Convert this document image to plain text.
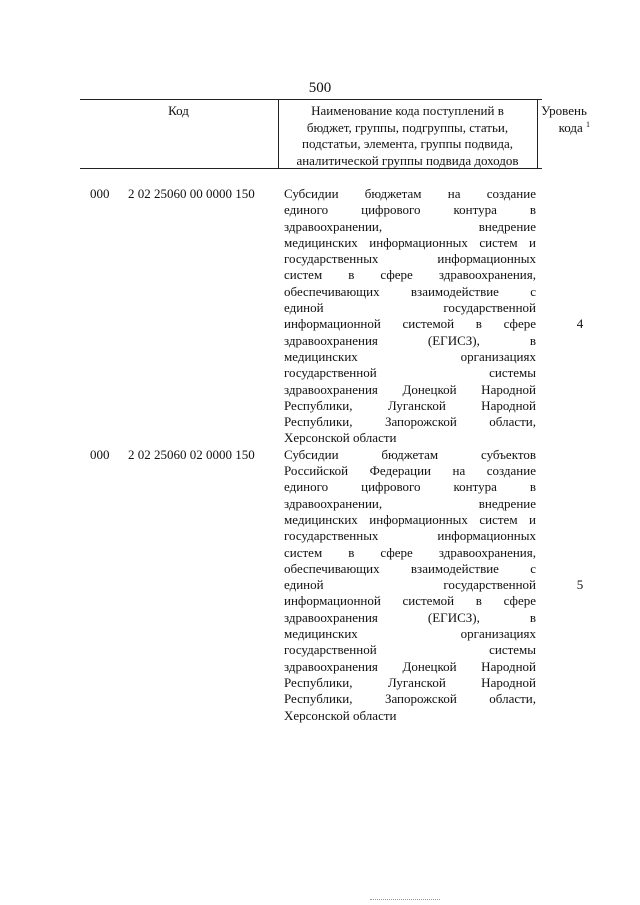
500
Код	Наименование кода поступлений в
бюджет, группы, подгруппы, статьи,
подстатьи, элемента, группы подвида,
аналитической группы подвида доходов
Уровень
кода $^1$
000 2 02 25060 00 0000 150 Субсидии бюджетам на создание
единого цифрового контура в
здравоохранении, внедрение
медицинских информационных систем и
государственных информационных
систем в сфере здравоохранения,
обеспечивающих взаимодействие с
единой государственной
информационной системой в сфере
здравоохранения (ЕГИСЗ), в
медицинских организациях
государственной системы
здравоохранения Донецкой Народной
Республики, Луганской Народной
Республики, Запорожской области,
Херсонской области
4
000 2 02 25060 02 0000 150 Субсидии бюджетам субъектов
Российской Федерации на создание
единого цифрового контура в
здравоохранении, внедрение
медицинских информационных систем и
государственных информационных
систем в сфере здравоохранения,
обеспечивающих взаимодействие с
единой государственной
информационной системой в сфере
здравоохранения (ЕГИСЗ), в
медицинских организациях
государственной системы
здравоохранения Донецкой Народной
Республики, Луганской Народной
Республики, Запорожской области,
Херсонской области
5
